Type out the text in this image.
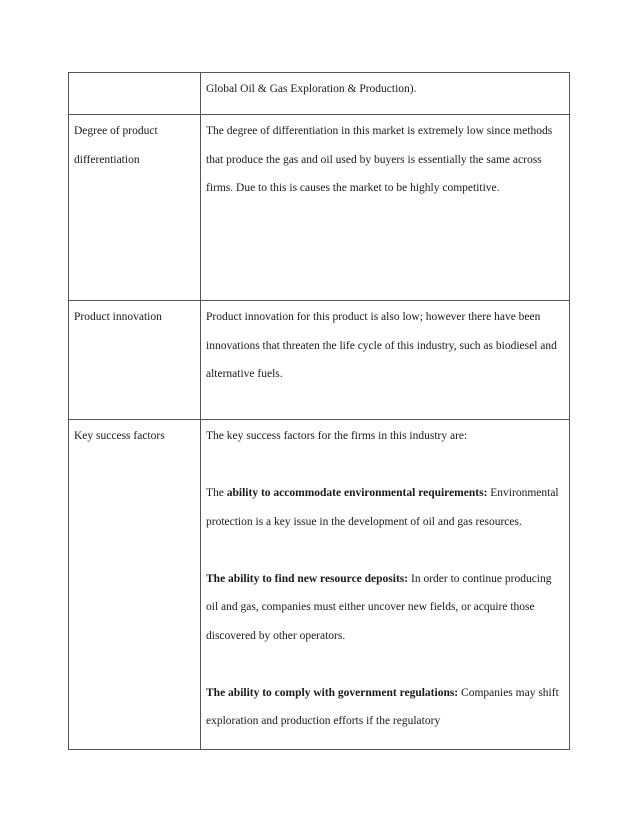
	Global Oil & Gas Exploration & Production).

Degree of product differentiation	The degree of differentiation in this market is extremely low since methods that produce the gas and oil used by buyers is essentially the same across firms. Due to this is causes the market to be highly competitive.

Product innovation	Product innovation for this product is also low; however there have been innovations that threaten the life cycle of this industry, such as biodiesel and alternative fuels.

Key success factors	The key success factors for the firms in this industry are:

The ability to accommodate environmental requirements: Environmental protection is a key issue in the development of oil and gas resources.

The ability to find new resource deposits: In order to continue producing oil and gas, companies must either uncover new fields, or acquire those discovered by other operators.

The ability to comply with government regulations: Companies may shift exploration and production efforts if the regulatory
